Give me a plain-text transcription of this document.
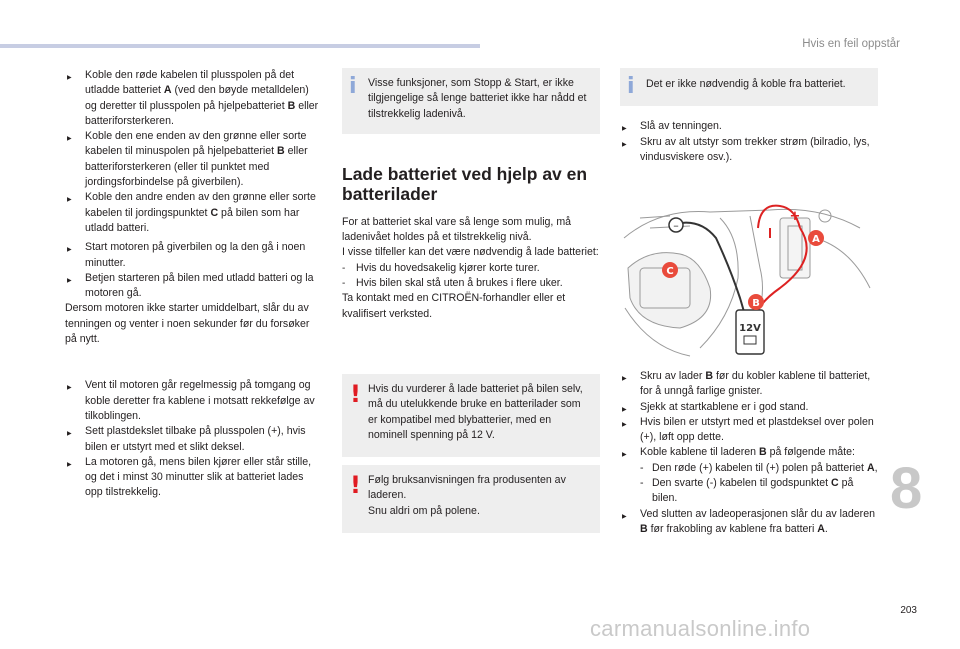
Hvis en feil oppstår
▶ Koble den røde kabelen til plusspolen på det utladde batteriet A (ved den bøyde metalldelen) og deretter til plusspolen på hjelpebatteriet B eller batteriforsterkeren.
▶ Koble den ene enden av den grønne eller sorte kabelen til minuspolen på hjelpebatteriet B eller batteriforsterkeren (eller til punktet med jordingsforbindelse på giverbilen).
▶ Koble den andre enden av den grønne eller sorte kabelen til jordingspunktet C på bilen som har utladd batteri.
▶ Start motoren på giverbilen og la den gå i noen minutter.
▶ Betjen starteren på bilen med utladd batteri og la motoren gå.

Dersom motoren ikke starter umiddelbart, slår du av tenningen og venter i noen sekunder før du forsøker på nytt.

▶ Vent til motoren går regelmessig på tomgang og koble deretter fra kablene i motsatt rekkefølge av tilkoblingen.
▶ Sett plastdekslet tilbake på plusspolen (+), hvis bilen er utstyrt med et slikt deksel.
▶ La motoren gå, mens bilen kjører eller står stille, og det i minst 30 minutter slik at batteriet lades opp tilstrekkelig.
i Visse funksjoner, som Stopp & Start, er ikke tilgjengelige så lenge batteriet ikke har nådd et tilstrekkelig ladenivå.

Lade batteriet ved hjelp av en batterilader

For at batteriet skal vare så lenge som mulig, må ladenivået holdes på et tilstrekkelig nivå.

I visse tilfeller kan det være nødvendig å lade batteriet:

- Hvis du hovedsakelig kjører korte turer.
- Hvis bilen skal stå uten å brukes i flere uker.

Ta kontakt med en CITROËN-forhandler eller et kvalifisert verksted.

! Hvis du vurderer å lade batteriet på bilen selv, må du utelukkende bruke en batterilader som er kompatibel med blybatterier, med en nominell spenning på 12 V.

! Følg bruksanvisningen fra produsenten av laderen.

Snu aldri om på polene.

i Det er ikke nødvendig å koble fra batteriet.

▶ Slå av tenningen.
▶ Skru av alt utstyr som trekker strøm (bilradio, lys, vindusviskere osv.).
–
+
A
C
12V
B
▶ Skru av lader B før du kobler kablene til batteriet, for å unngå farlige gnister.
▶ Sjekk at startkablene er i god stand.
▶ Hvis bilen er utstyrt med et plastdeksel over polen (+), løft opp dette.
▶ Koble kablene til laderen B på følgende måte:
- Den røde (+) kabelen til (+) polen på batteriet A,
- Den svarte (-) kabelen til godspunktet C på bilen.
▶ Ved slutten av ladeoperasjonen slår du av laderen B før frakobling av kablene fra batteri A.
8
203
carmanualsonline.info
